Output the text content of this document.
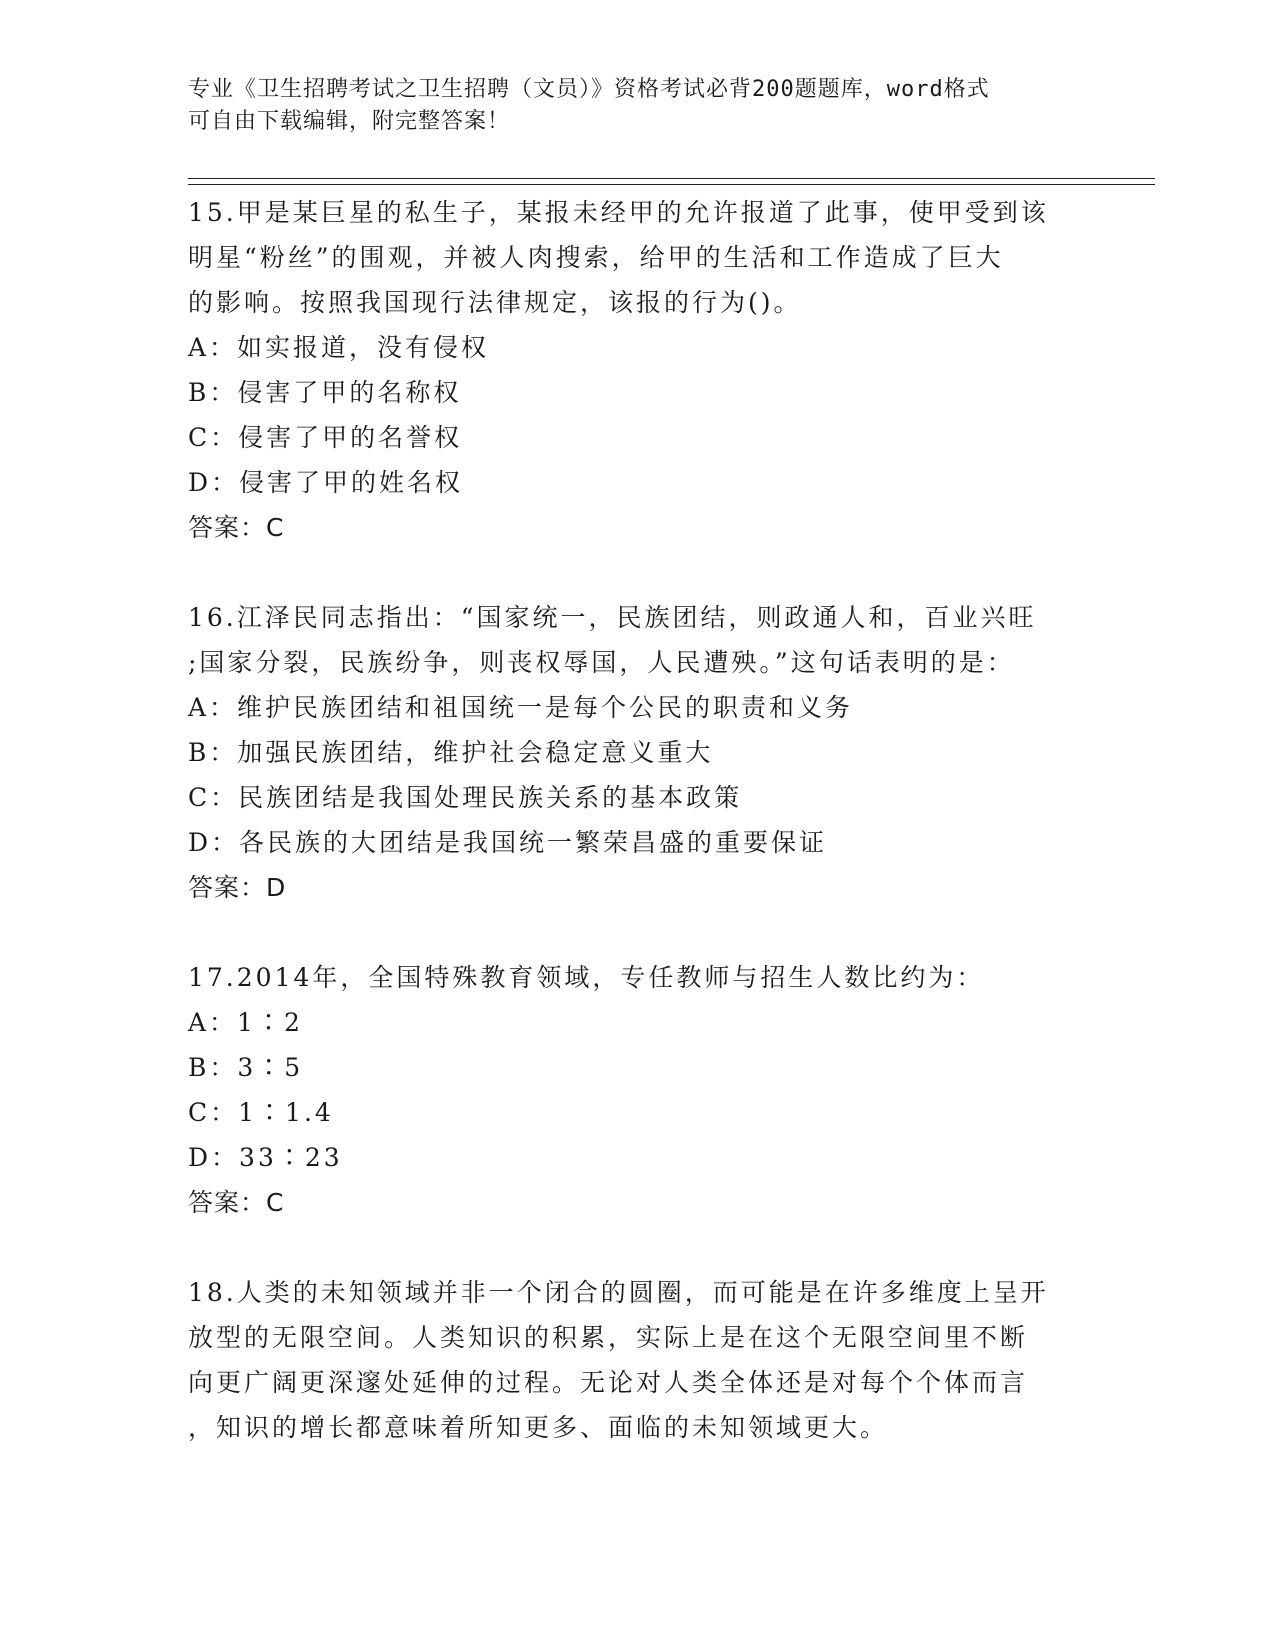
专业《卫生招聘考试之卫生招聘（文员）》资格考试必背200题题库，word格式
可自由下载编辑，附完整答案！

15.甲是某巨星的私生子，某报未经甲的允许报道了此事，使甲受到该

明星“粉丝”的围观，并被人肉搜索，给甲的生活和工作造成了巨大

的影响。按照我国现行法律规定，该报的行为()。

A：如实报道，没有侵权

B：侵害了甲的名称权

C：侵害了甲的名誉权

D：侵害了甲的姓名权

答案：C

16.江泽民同志指出：“国家统一，民族团结，则政通人和，百业兴旺

;国家分裂，民族纷争，则丧权辱国，人民遭殃。”这句话表明的是：

A：维护民族团结和祖国统一是每个公民的职责和义务

B：加强民族团结，维护社会稳定意义重大

C：民族团结是我国处理民族关系的基本政策

D：各民族的大团结是我国统一繁荣昌盛的重要保证

答案：D

17.2014年，全国特殊教育领域，专任教师与招生人数比约为：

A：1∶2

B：3∶5

C：1∶1.4

D：33∶23

答案：C

18.人类的未知领域并非一个闭合的圆圈，而可能是在许多维度上呈开

放型的无限空间。人类知识的积累，实际上是在这个无限空间里不断

向更广阔更深邃处延伸的过程。无论对人类全体还是对每个个体而言

，知识的增长都意味着所知更多、面临的未知领域更大。
